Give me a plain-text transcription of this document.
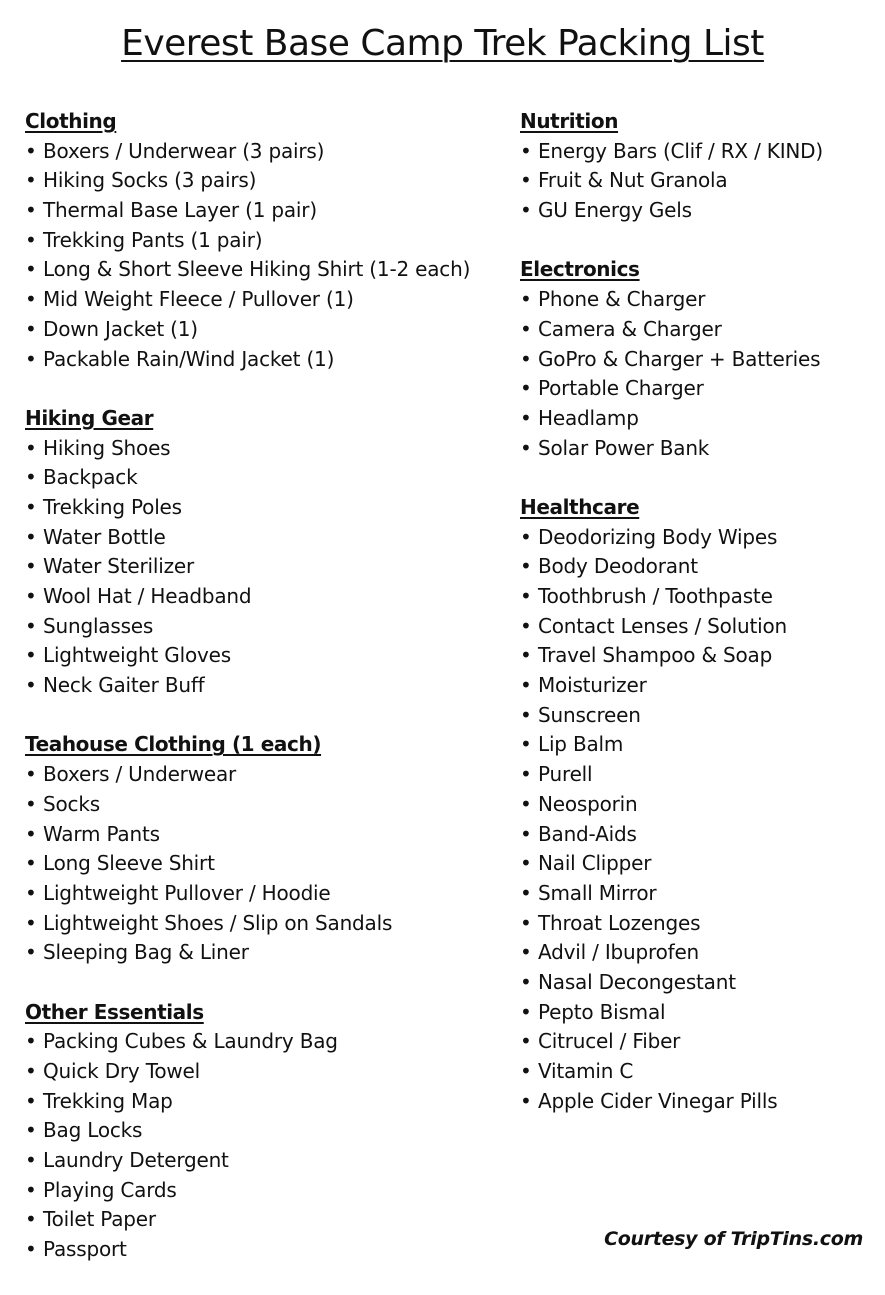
Everest Base Camp Trek Packing List
Clothing
• Boxers / Underwear (3 pairs)
• Hiking Socks (3 pairs)
• Thermal Base Layer (1 pair)
• Trekking Pants (1 pair)
• Long & Short Sleeve Hiking Shirt (1-2 each)
• Mid Weight Fleece / Pullover (1)
• Down Jacket (1)
• Packable Rain/Wind Jacket (1)
Hiking Gear
• Hiking Shoes
• Backpack
• Trekking Poles
• Water Bottle
• Water Sterilizer
• Wool Hat / Headband
• Sunglasses
• Lightweight Gloves
• Neck Gaiter Buff
Teahouse Clothing (1 each)
• Boxers / Underwear
• Socks
• Warm Pants
• Long Sleeve Shirt
• Lightweight Pullover / Hoodie
• Lightweight Shoes / Slip on Sandals
• Sleeping Bag & Liner
Other Essentials
• Packing Cubes & Laundry Bag
• Quick Dry Towel
• Trekking Map
• Bag Locks
• Laundry Detergent
• Playing Cards
• Toilet Paper
• Passport
Nutrition
• Energy Bars (Clif / RX / KIND)
• Fruit & Nut Granola
• GU Energy Gels
Electronics
• Phone & Charger
• Camera & Charger
• GoPro & Charger + Batteries
• Portable Charger
• Headlamp
• Solar Power Bank
Healthcare
• Deodorizing Body Wipes
• Body Deodorant
• Toothbrush / Toothpaste
• Contact Lenses / Solution
• Travel Shampoo & Soap
• Moisturizer
• Sunscreen
• Lip Balm
• Purell
• Neosporin
• Band-Aids
• Nail Clipper
• Small Mirror
• Throat Lozenges
• Advil / Ibuprofen
• Nasal Decongestant
• Pepto Bismal
• Citrucel / Fiber
• Vitamin C
• Apple Cider Vinegar Pills
Courtesy of TripTins.com
